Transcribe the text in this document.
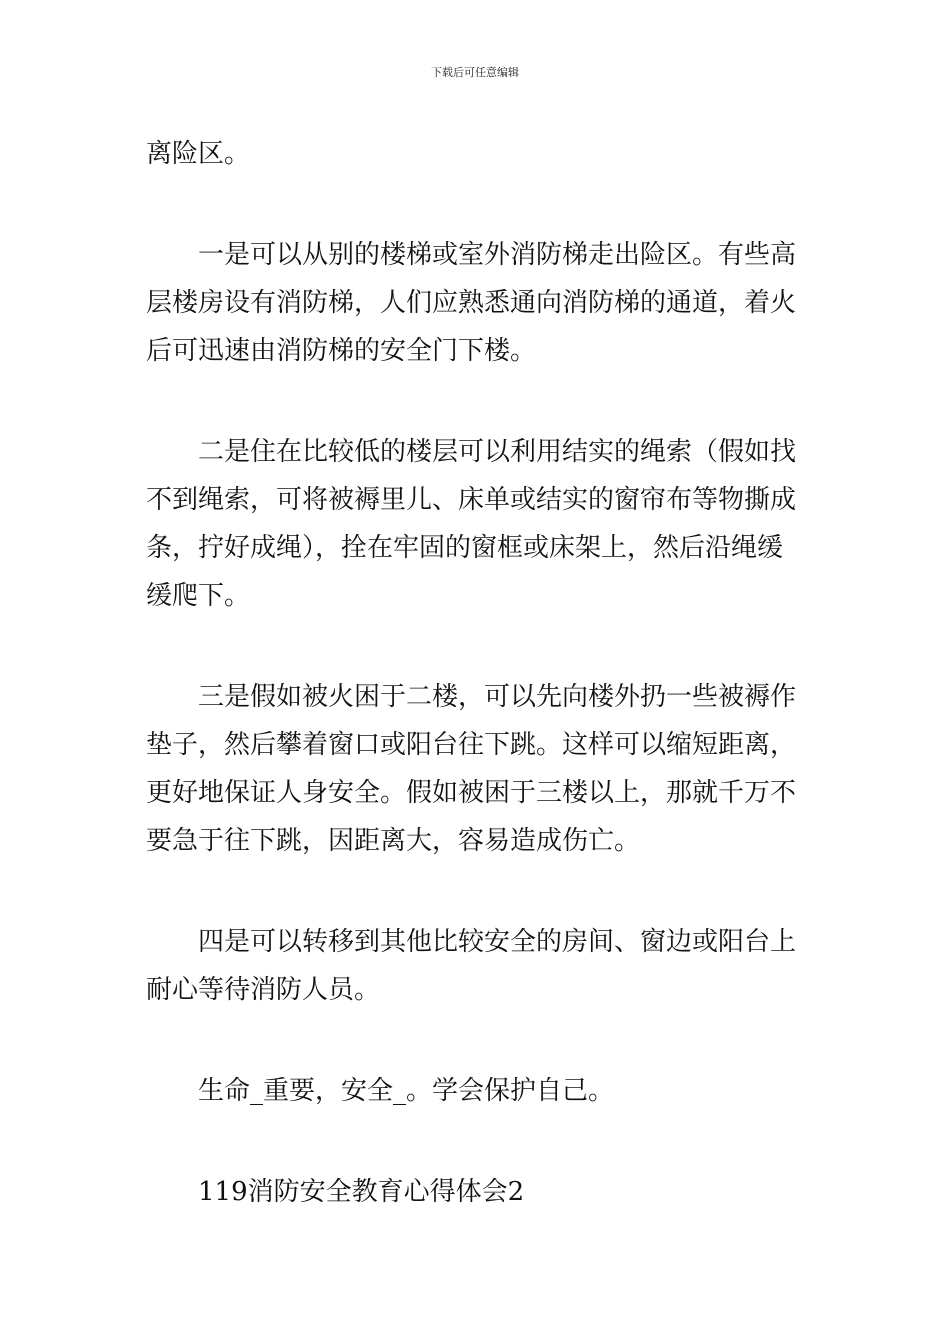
下载后可任意编辑

离险区。

一是可以从别的楼梯或室外消防梯走出险区。有些高层楼房设有消防梯，人们应熟悉通向消防梯的通道，着火后可迅速由消防梯的安全门下楼。

二是住在比较低的楼层可以利用结实的绳索（假如找不到绳索，可将被褥里儿、床单或结实的窗帘布等物撕成条，拧好成绳），拴在牢固的窗框或床架上，然后沿绳缓缓爬下。

三是假如被火困于二楼，可以先向楼外扔一些被褥作垫子，然后攀着窗口或阳台往下跳。这样可以缩短距离，更好地保证人身安全。假如被困于三楼以上，那就千万不要急于往下跳，因距离大，容易造成伤亡。

四是可以转移到其他比较安全的房间、窗边或阳台上耐心等待消防人员。

生命_重要，安全_。学会保护自己。

119消防安全教育心得体会2
